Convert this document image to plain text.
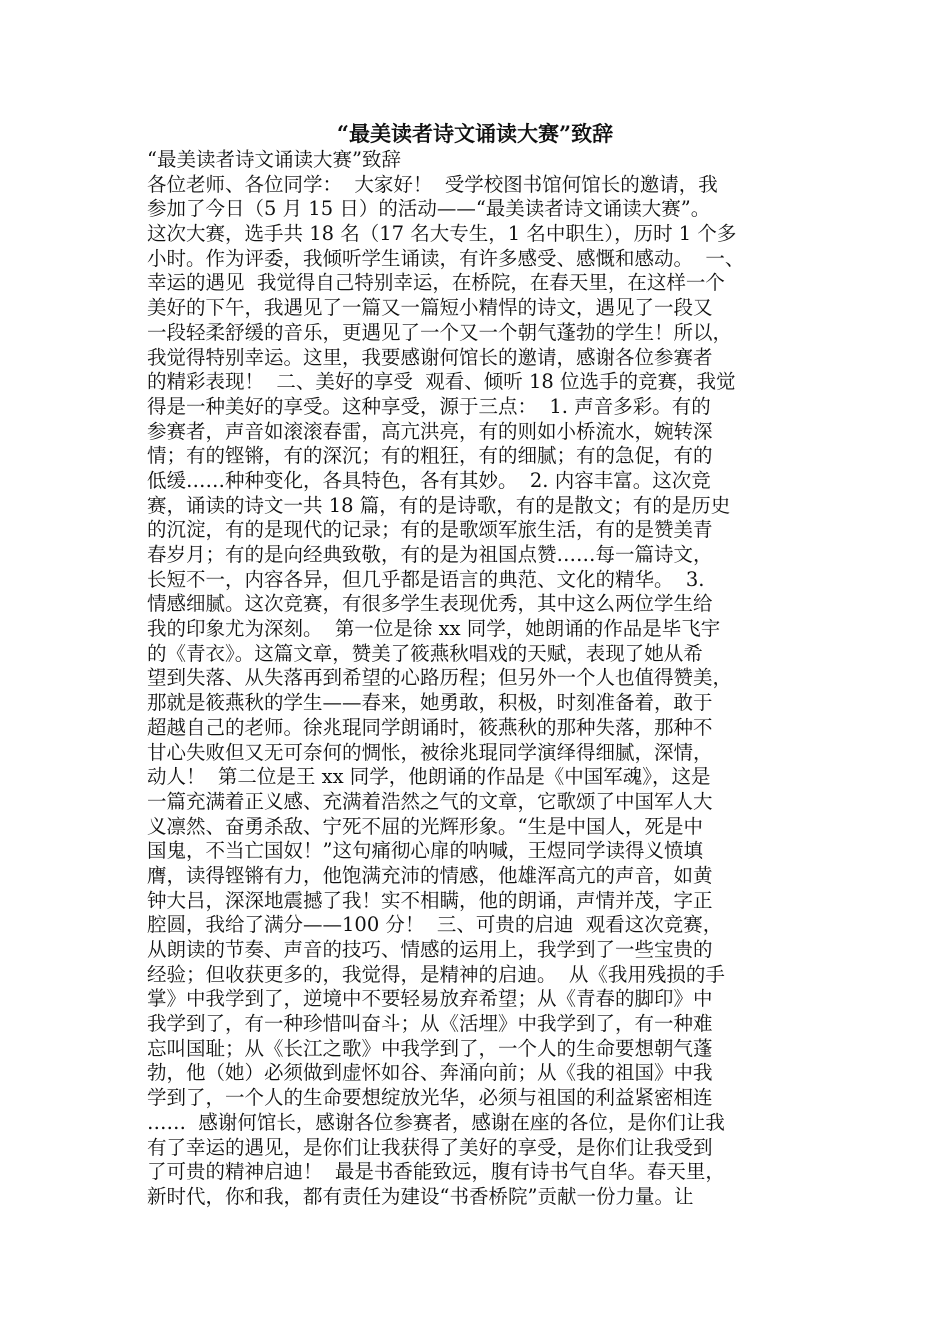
“最美读者诗文诵读大赛”致辞
“最美读者诗文诵读大赛”致辞
各位老师、各位同学：  大家好！  受学校图书馆何馆长的邀请，我
参加了今日（5 月 15 日）的活动——“最美读者诗文诵读大赛”。
这次大赛，选手共 18 名（17 名大专生，1 名中职生），历时 1 个多
小时。作为评委，我倾听学生诵读，有许多感受、感慨和感动。  一、
幸运的遇见  我觉得自己特别幸运，在桥院，在春天里，在这样一个
美好的下午，我遇见了一篇又一篇短小精悍的诗文，遇见了一段又
一段轻柔舒缓的音乐，更遇见了一个又一个朝气蓬勃的学生！所以，
我觉得特别幸运。这里，我要感谢何馆长的邀请，感谢各位参赛者
的精彩表现！  二、美好的享受  观看、倾听 18 位选手的竞赛，我觉
得是一种美好的享受。这种享受，源于三点：  1. 声音多彩。有的
参赛者，声音如滚滚春雷，高亢洪亮，有的则如小桥流水，婉转深
情；有的铿锵，有的深沉；有的粗狂，有的细腻；有的急促，有的
低缓……种种变化，各具特色，各有其妙。  2. 内容丰富。这次竞
赛，诵读的诗文一共 18 篇，有的是诗歌，有的是散文；有的是历史
的沉淀，有的是现代的记录；有的是歌颂军旅生活，有的是赞美青
春岁月；有的是向经典致敬，有的是为祖国点赞……每一篇诗文，
长短不一，内容各异，但几乎都是语言的典范、文化的精华。  3.
情感细腻。这次竞赛，有很多学生表现优秀，其中这么两位学生给
我的印象尤为深刻。  第一位是徐 xx 同学，她朗诵的作品是毕飞宇
的《青衣》。这篇文章，赞美了筱燕秋唱戏的天赋，表现了她从希
望到失落、从失落再到希望的心路历程；但另外一个人也值得赞美，
那就是筱燕秋的学生——春来，她勇敢，积极，时刻准备着，敢于
超越自己的老师。徐兆琨同学朗诵时，筱燕秋的那种失落，那种不
甘心失败但又无可奈何的惆怅，被徐兆琨同学演绎得细腻，深情，
动人！  第二位是王 xx 同学，他朗诵的作品是《中国军魂》，这是
一篇充满着正义感、充满着浩然之气的文章，它歌颂了中国军人大
义凛然、奋勇杀敌、宁死不屈的光辉形象。“生是中国人，死是中
国鬼，不当亡国奴！”这句痛彻心扉的呐喊，王煜同学读得义愤填
膺，读得铿锵有力，他饱满充沛的情感，他雄浑高亢的声音，如黄
钟大吕，深深地震撼了我！实不相瞒，他的朗诵，声情并茂，字正
腔圆，我给了满分——100 分！  三、可贵的启迪  观看这次竞赛，
从朗读的节奏、声音的技巧、情感的运用上，我学到了一些宝贵的
经验；但收获更多的，我觉得，是精神的启迪。  从《我用残损的手
掌》中我学到了，逆境中不要轻易放弃希望；从《青春的脚印》中
我学到了，有一种珍惜叫奋斗；从《活埋》中我学到了，有一种难
忘叫国耻；从《长江之歌》中我学到了，一个人的生命要想朝气蓬
勃，他（她）必须做到虚怀如谷、奔涌向前；从《我的祖国》中我
学到了，一个人的生命要想绽放光华，必须与祖国的利益紧密相连
……  感谢何馆长，感谢各位参赛者，感谢在座的各位，是你们让我
有了幸运的遇见，是你们让我获得了美好的享受，是你们让我受到
了可贵的精神启迪！  最是书香能致远，腹有诗书气自华。春天里，
新时代，你和我，都有责任为建设“书香桥院”贡献一份力量。让
